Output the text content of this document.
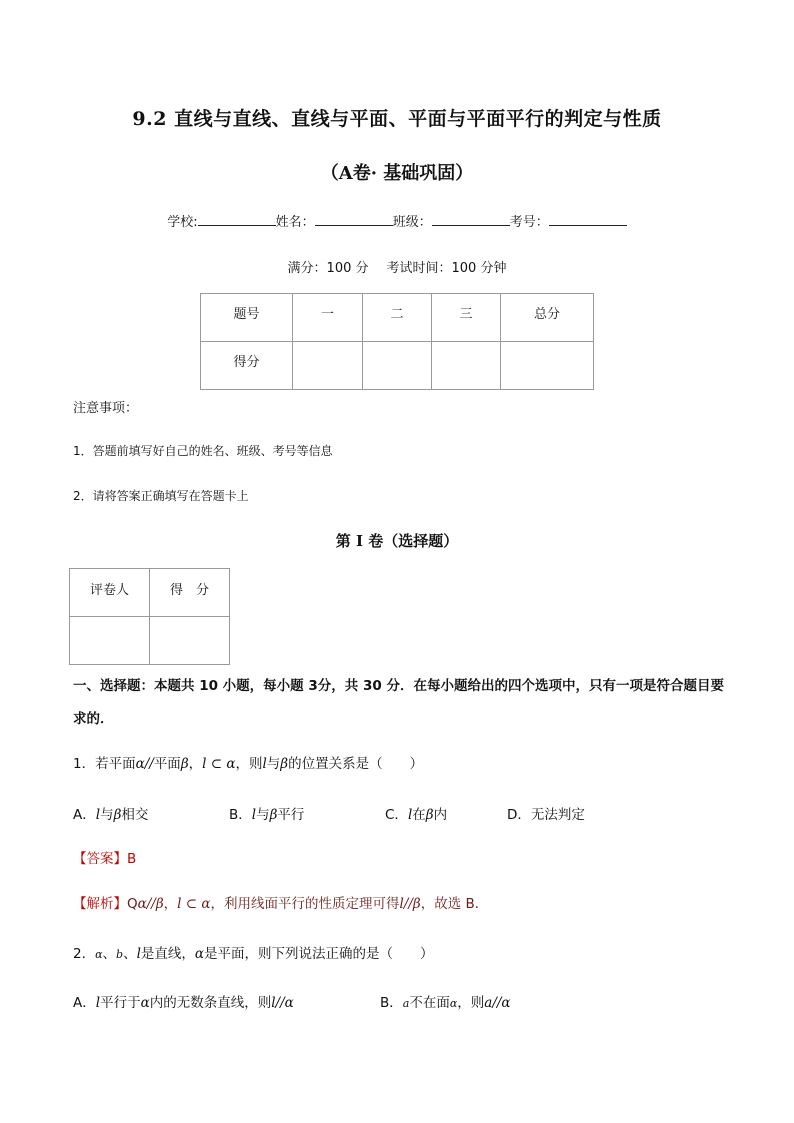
9.2 直线与直线、直线与平面、平面与平面平行的判定与性质
（A卷· 基础巩固）
学校:	姓名：	班级：	考号：
满分：100 分 考试时间：100 分钟
题号	一	二	三	总分
得分				
注意事项：
1．答题前填写好自己的姓名、班级、考号等信息
2．请将答案正确填写在答题卡上
第 I 卷（选择题）
评卷人	得　分

一、选择题：本题共 10 小题，每小题 3分，共 30 分．在每小题给出的四个选项中，只有一项是符合题目要求的．
1．若平面α//平面β，l ⊂ α，则l与β的位置关系是（　　）
A．l与β相交	B．l与β平行	C．l在β内	D．无法判定
【答案】B
【解析】Qα//β，l ⊂ α，利用线面平行的性质定理可得l//β，故选 B．
2．α、b、l是直线，α是平面，则下列说法正确的是（　　）
A．l平行于α内的无数条直线，则l//α	B．a不在面α，则a//α
